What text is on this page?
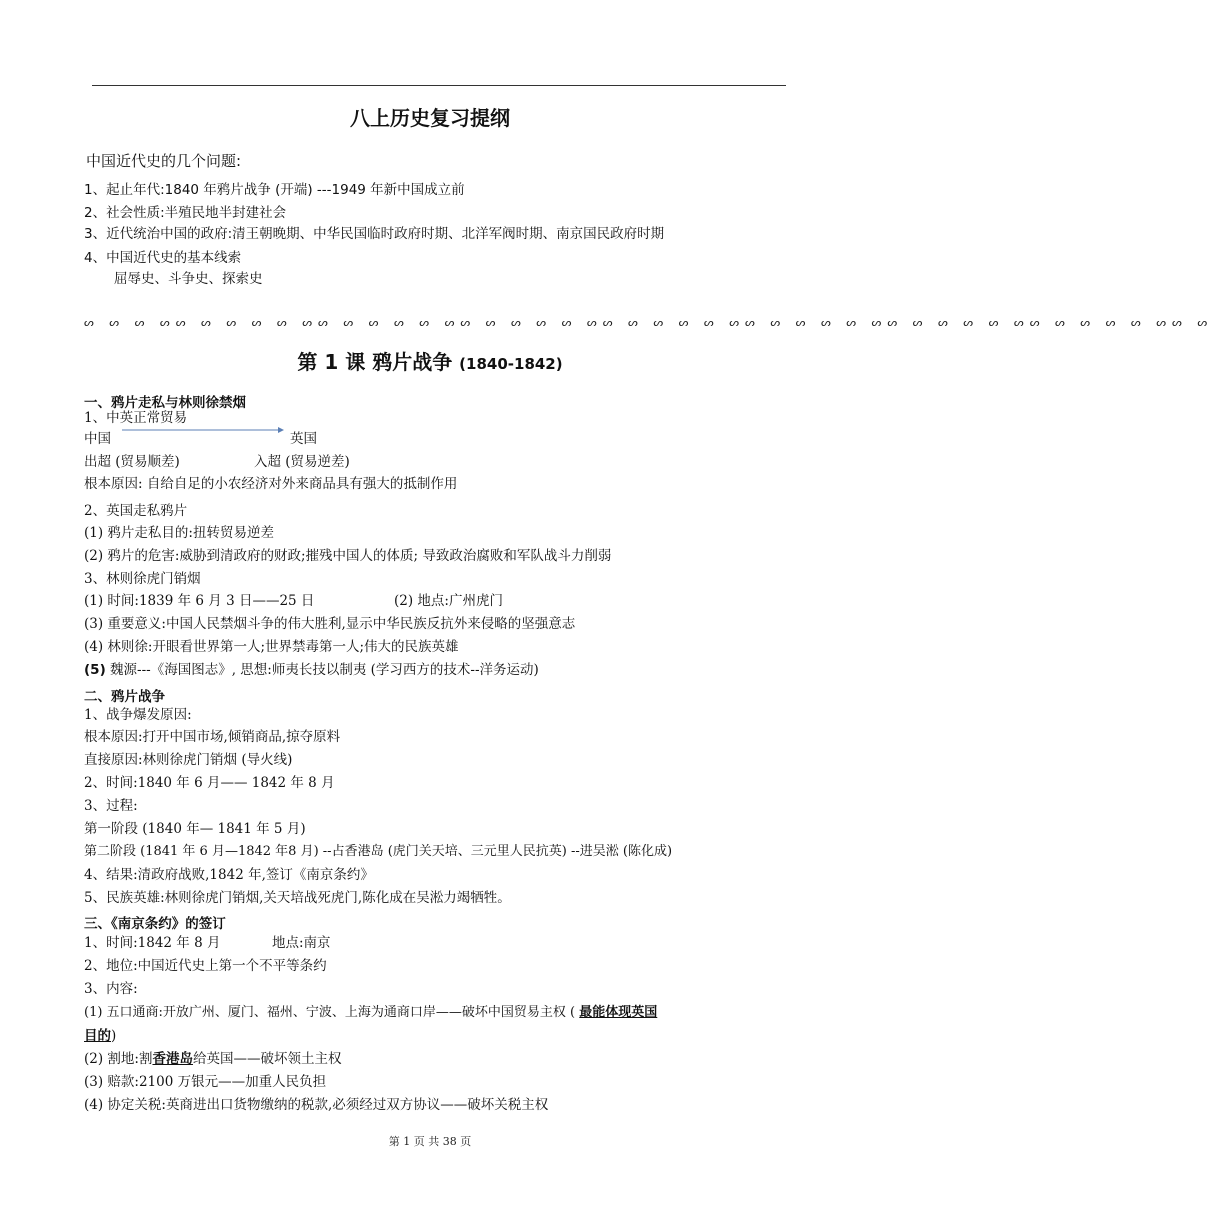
八上历史复习提纲
中国近代史的几个问题:
1、起止年代:1840 年鸦片战争 (开端) ---1949 年新中国成立前
2、社会性质:半殖民地半封建社会
3、近代统治中国的政府:清王朝晚期、中华民国临时政府时期、北洋军阀时期、南京国民政府时期
4、中国近代史的基本线索
屈辱史、斗争史、探索史
ᔕ ᔕ ᔕ ᔕᔕ ᔕ ᔕ ᔕ ᔕ ᔕᔕ ᔕ ᔕ ᔕ ᔕ ᔕᔕ ᔕ ᔕ ᔕ ᔕ ᔕᔕ ᔕ ᔕ ᔕ ᔕ ᔕᔕ ᔕ ᔕ ᔕ ᔕ ᔕᔕ ᔕ ᔕ ᔕ ᔕ ᔕᔕ ᔕ ᔕ ᔕ ᔕ ᔕᔕ ᔕ
第 1 课 鸦片战争 (1840-1842)
一、鸦片走私与林则徐禁烟
1、中英正常贸易
中国	英国
出超 (贸易顺差)	入超 (贸易逆差)
根本原因: 自给自足的小农经济对外来商品具有强大的抵制作用
2、英国走私鸦片
(1) 鸦片走私目的:扭转贸易逆差
(2) 鸦片的危害:威胁到清政府的财政;摧残中国人的体质; 导致政治腐败和军队战斗力削弱
3、林则徐虎门销烟
(1) 时间:1839 年 6 月 3 日——25 日	(2) 地点:广州虎门
(3) 重要意义:中国人民禁烟斗争的伟大胜利,显示中华民族反抗外来侵略的坚强意志
(4) 林则徐:开眼看世界第一人;世界禁毒第一人;伟大的民族英雄
(5) 魏源---《海国图志》, 思想:师夷长技以制夷 (学习西方的技术--洋务运动)
二、鸦片战争
1、战争爆发原因:
根本原因:打开中国市场,倾销商品,掠夺原料
直接原因:林则徐虎门销烟 (导火线)
2、时间:1840 年 6 月—— 1842 年 8 月
3、过程:
第一阶段 (1840 年— 1841 年 5 月)
第二阶段 (1841 年 6 月—1842 年8 月) --占香港岛 (虎门关天培、三元里人民抗英) --进吴淞 (陈化成)
4、结果:清政府战败,1842 年,签订《南京条约》
5、民族英雄:林则徐虎门销烟,关天培战死虎门,陈化成在吴淞力竭牺牲。
三、《南京条约》的签订
1、时间:1842 年 8 月	地点:南京
2、地位:中国近代史上第一个不平等条约
3、内容:
(1) 五口通商:开放广州、厦门、福州、宁波、上海为通商口岸——破坏中国贸易主权 ( 最能体现英国
目的)
(2) 割地:割香港岛给英国——破坏领土主权
(3) 赔款:2100 万银元——加重人民负担
(4) 协定关税:英商进出口货物缴纳的税款,必须经过双方协议——破坏关税主权
第 1 页 共 38 页
